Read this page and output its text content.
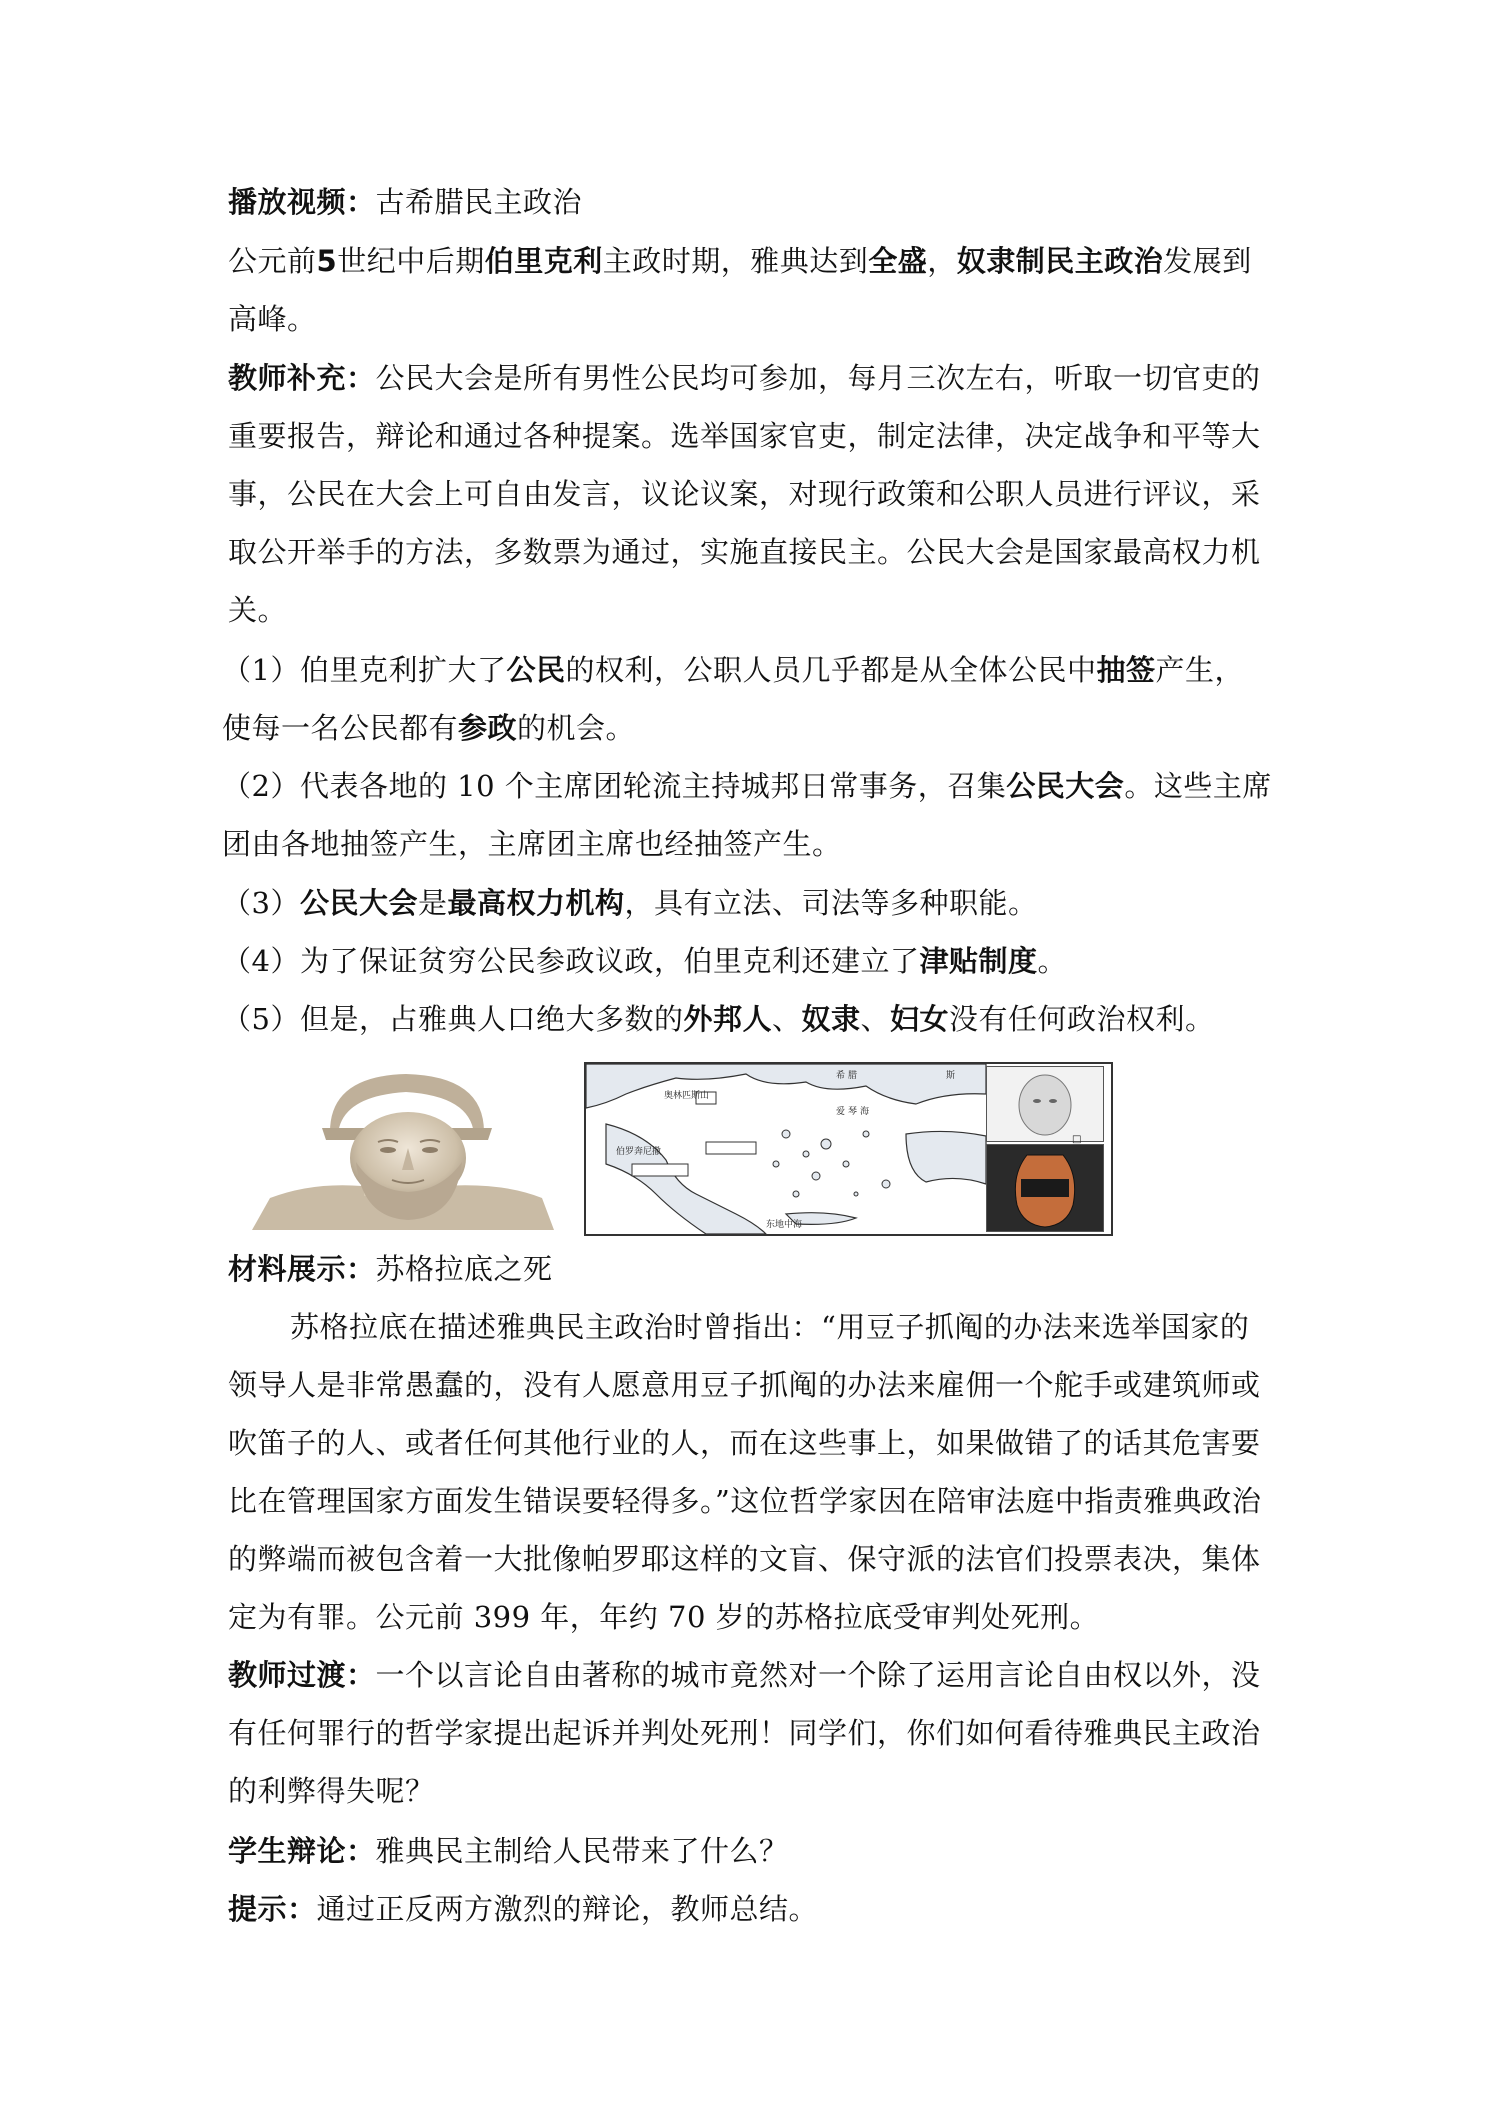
播放视频：古希腊民主政治
公元前5世纪中后期伯里克利主政时期，雅典达到全盛，奴隶制民主政治发展到高峰。
教师补充：公民大会是所有男性公民均可参加，每月三次左右，听取一切官吏的重要报告，辩论和通过各种提案。选举国家官吏，制定法律，决定战争和平等大事，公民在大会上可自由发言，议论议案，对现行政策和公职人员进行评议，采取公开举手的方法，多数票为通过，实施直接民主。公民大会是国家最高权力机关。
（1）伯里克利扩大了公民的权利，公职人员几乎都是从全体公民中抽签产生，使每一名公民都有参政的机会。
（2）代表各地的 10 个主席团轮流主持城邦日常事务，召集公民大会。这些主席团由各地抽签产生，主席团主席也经抽签产生。
（3）公民大会是最高权力机构，具有立法、司法等多种职能。
（4）为了保证贫穷公民参政议政，伯里克利还建立了津贴制度。
（5）但是，占雅典人口绝大多数的外邦人、奴隶、妇女没有任何政治权利。
希 腊	斯
爱 琴 海
伯罗奔尼撒
奥林匹斯山
东地中海
□
材料展示：苏格拉底之死
苏格拉底在描述雅典民主政治时曾指出：“用豆子抓阄的办法来选举国家的领导人是非常愚蠢的，没有人愿意用豆子抓阄的办法来雇佣一个舵手或建筑师或吹笛子的人、或者任何其他行业的人，而在这些事上，如果做错了的话其危害要比在管理国家方面发生错误要轻得多。”这位哲学家因在陪审法庭中指责雅典政治的弊端而被包含着一大批像帕罗耶这样的文盲、保守派的法官们投票表决，集体定为有罪。公元前 399 年，年约 70 岁的苏格拉底受审判处死刑。
教师过渡：一个以言论自由著称的城市竟然对一个除了运用言论自由权以外，没有任何罪行的哲学家提出起诉并判处死刑！同学们，你们如何看待雅典民主政治的利弊得失呢？
学生辩论：雅典民主制给人民带来了什么？
提示：通过正反两方激烈的辩论，教师总结。
